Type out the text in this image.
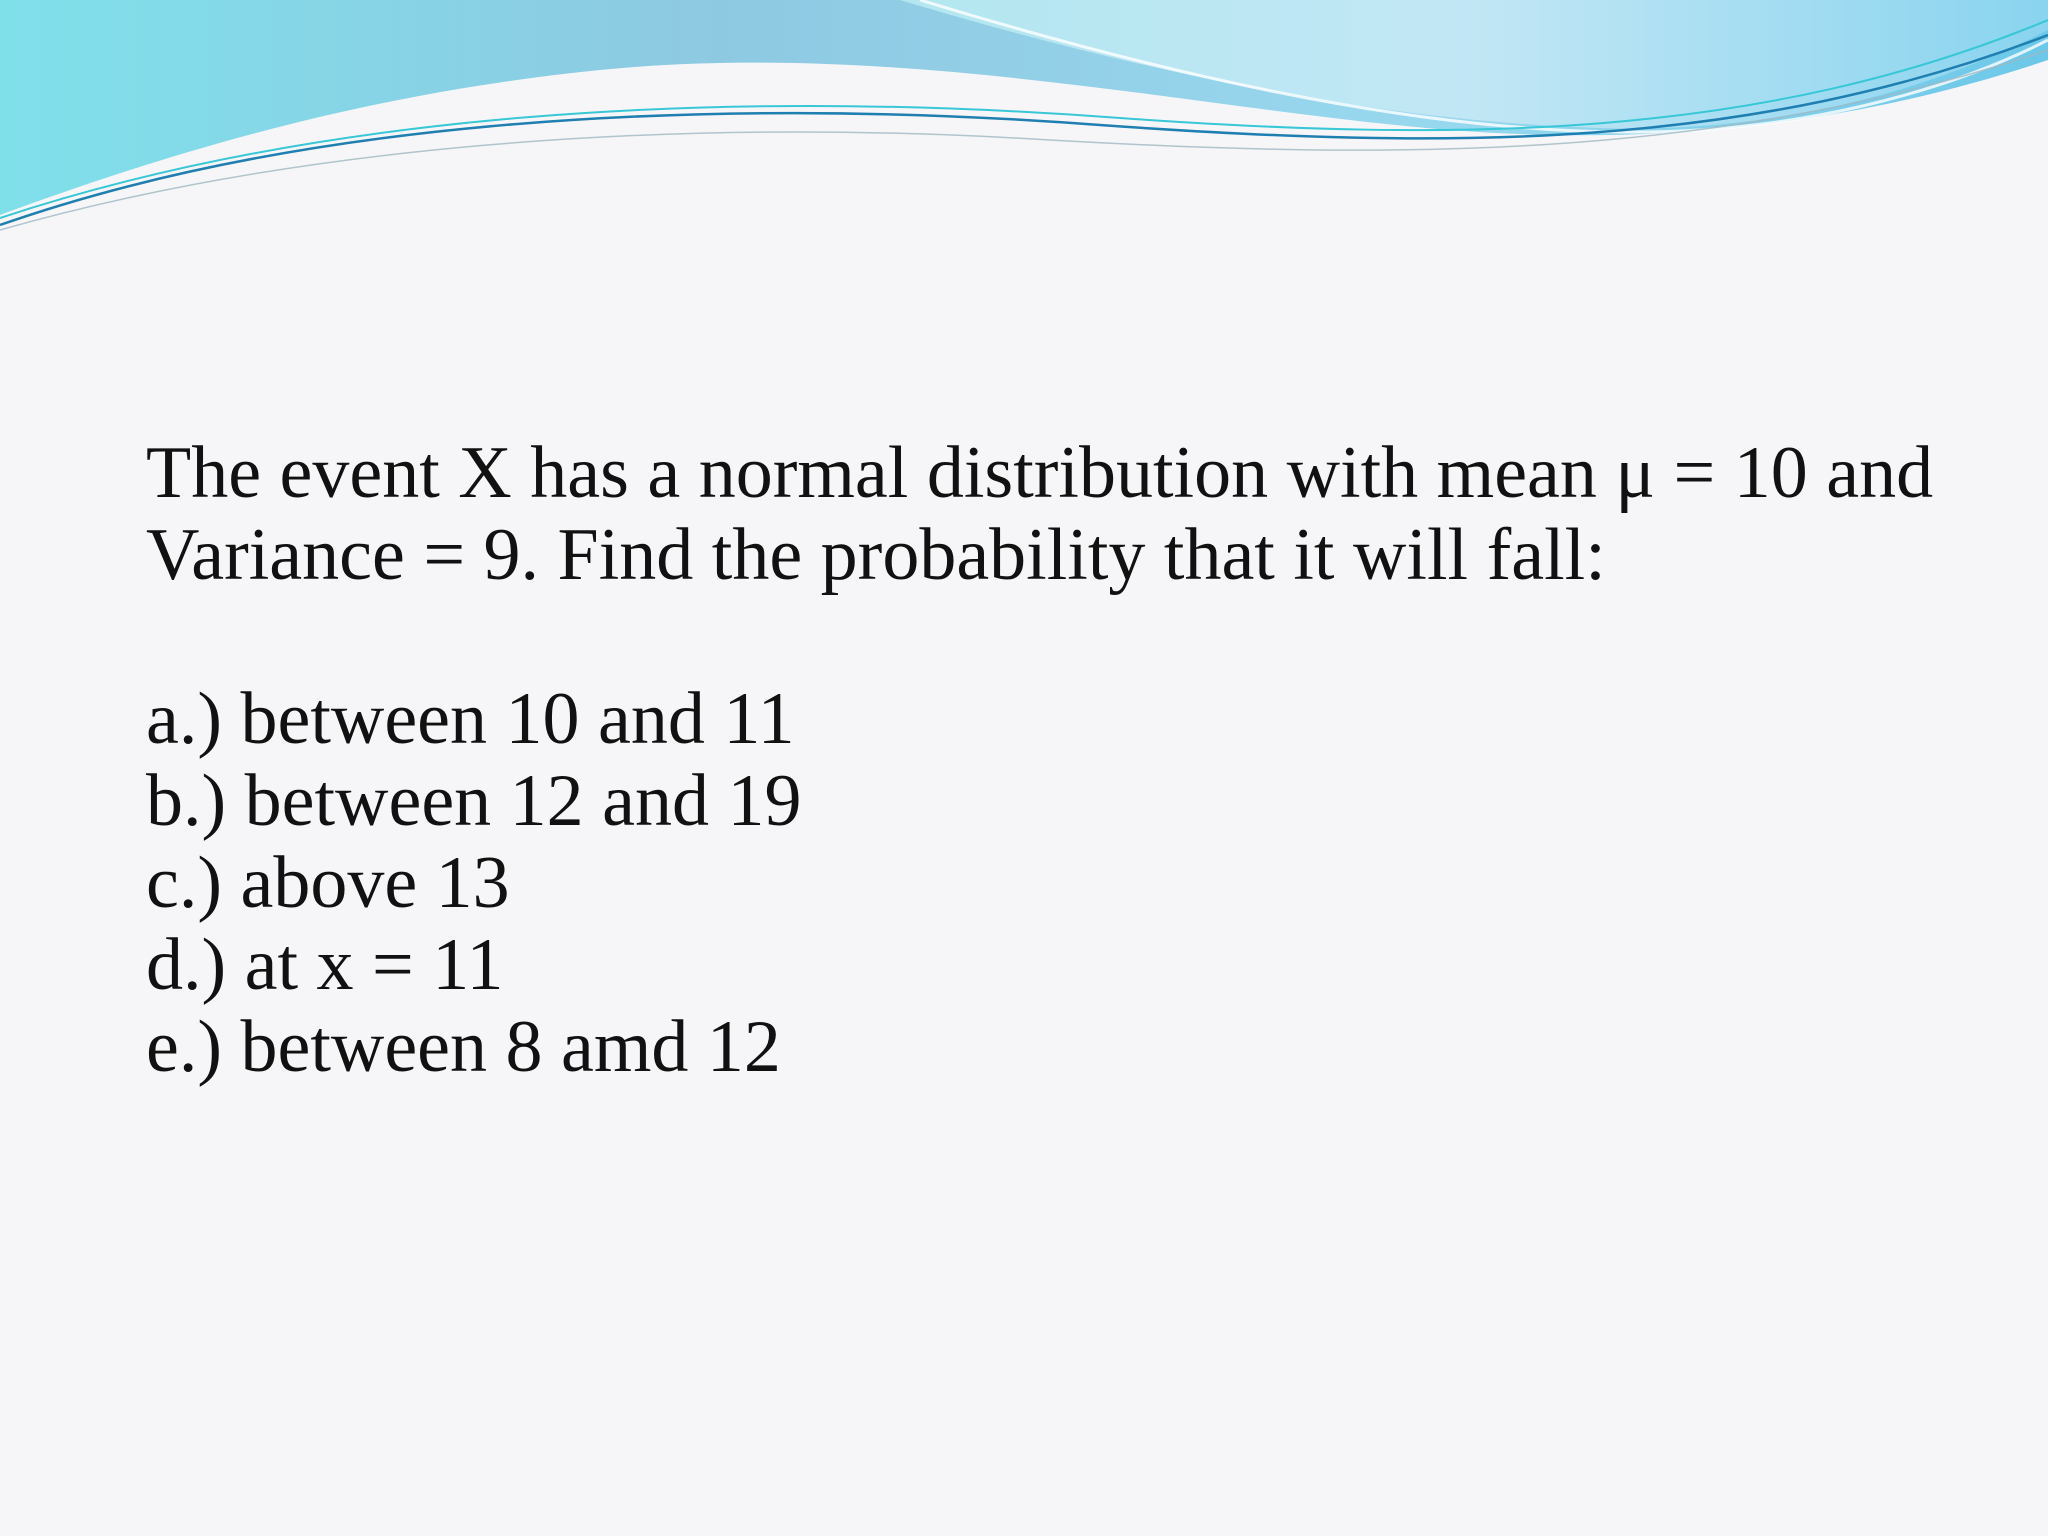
The event X has a normal distribution with mean μ = 10 and
Variance = 9. Find the probability that it will fall:
a.) between 10 and 11
b.) between 12 and 19
c.) above 13
d.) at x = 11
e.) between 8 amd 12
